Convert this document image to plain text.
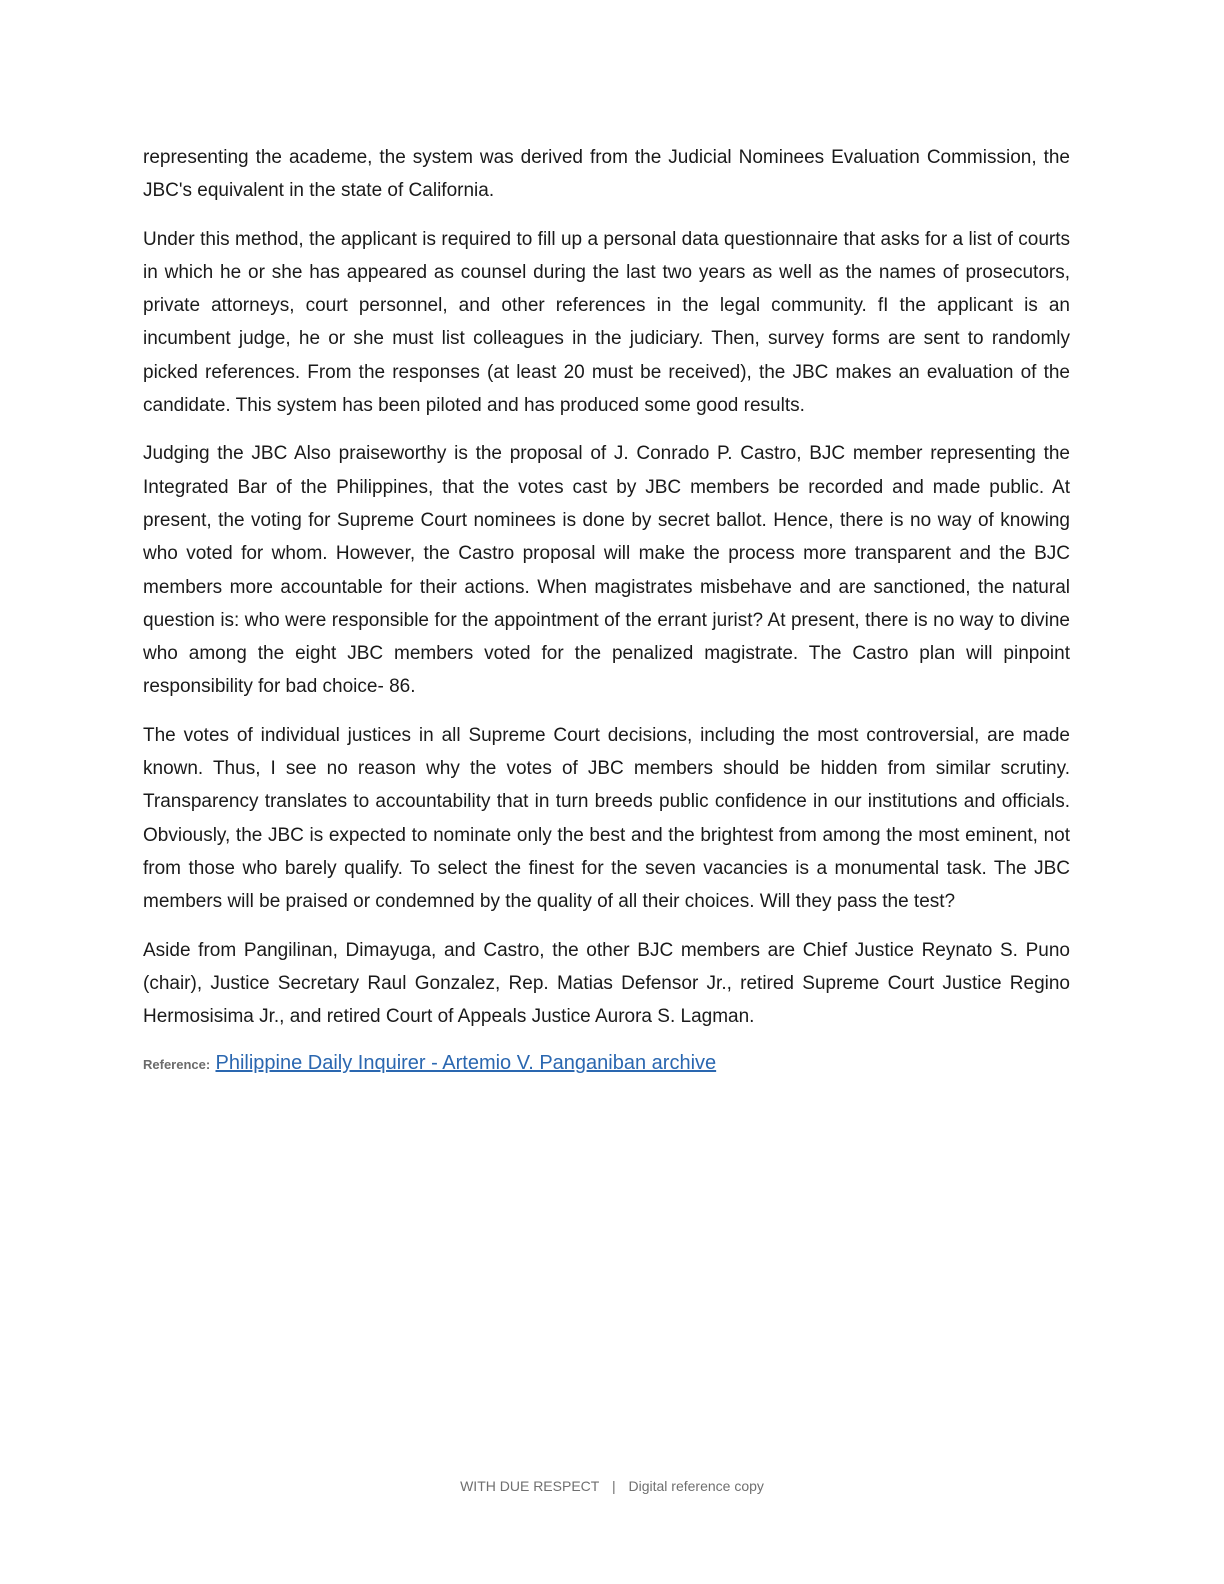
representing the academe, the system was derived from the Judicial Nominees Evaluation Commission, the JBC's equivalent in the state of California.

Under this method, the applicant is required to fill up a personal data questionnaire that asks for a list of courts in which he or she has appeared as counsel during the last two years as well as the names of prosecutors, private attorneys, court personnel, and other references in the legal community. fI the applicant is an incumbent judge, he or she must list colleagues in the judiciary. Then, survey forms are sent to randomly picked references. From the responses (at least 20 must be received), the JBC makes an evaluation of the candidate. This system has been piloted and has produced some good results.

Judging the JBC Also praiseworthy is the proposal of J. Conrado P. Castro, BJC member representing the Integrated Bar of the Philippines, that the votes cast by JBC members be recorded and made public. At present, the voting for Supreme Court nominees is done by secret ballot. Hence, there is no way of knowing who voted for whom. However, the Castro proposal will make the process more transparent and the BJC members more accountable for their actions. When magistrates misbehave and are sanctioned, the natural question is: who were responsible for the appointment of the errant jurist? At present, there is no way to divine who among the eight JBC members voted for the penalized magistrate. The Castro plan will pinpoint responsibility for bad choice- 86.

The votes of individual justices in all Supreme Court decisions, including the most controversial, are made known. Thus, I see no reason why the votes of JBC members should be hidden from similar scrutiny. Transparency translates to accountability that in turn breeds public confidence in our institutions and officials. Obviously, the JBC is expected to nominate only the best and the brightest from among the most eminent, not from those who barely qualify. To select the finest for the seven vacancies is a monumental task. The JBC members will be praised or condemned by the quality of all their choices. Will they pass the test?

Aside from Pangilinan, Dimayuga, and Castro, the other BJC members are Chief Justice Reynato S. Puno (chair), Justice Secretary Raul Gonzalez, Rep. Matias Defensor Jr., retired Supreme Court Justice Regino Hermosisima Jr., and retired Court of Appeals Justice Aurora S. Lagman.

Reference: Philippine Daily Inquirer - Artemio V. Panganiban archive
WITH DUE RESPECT | Digital reference copy
